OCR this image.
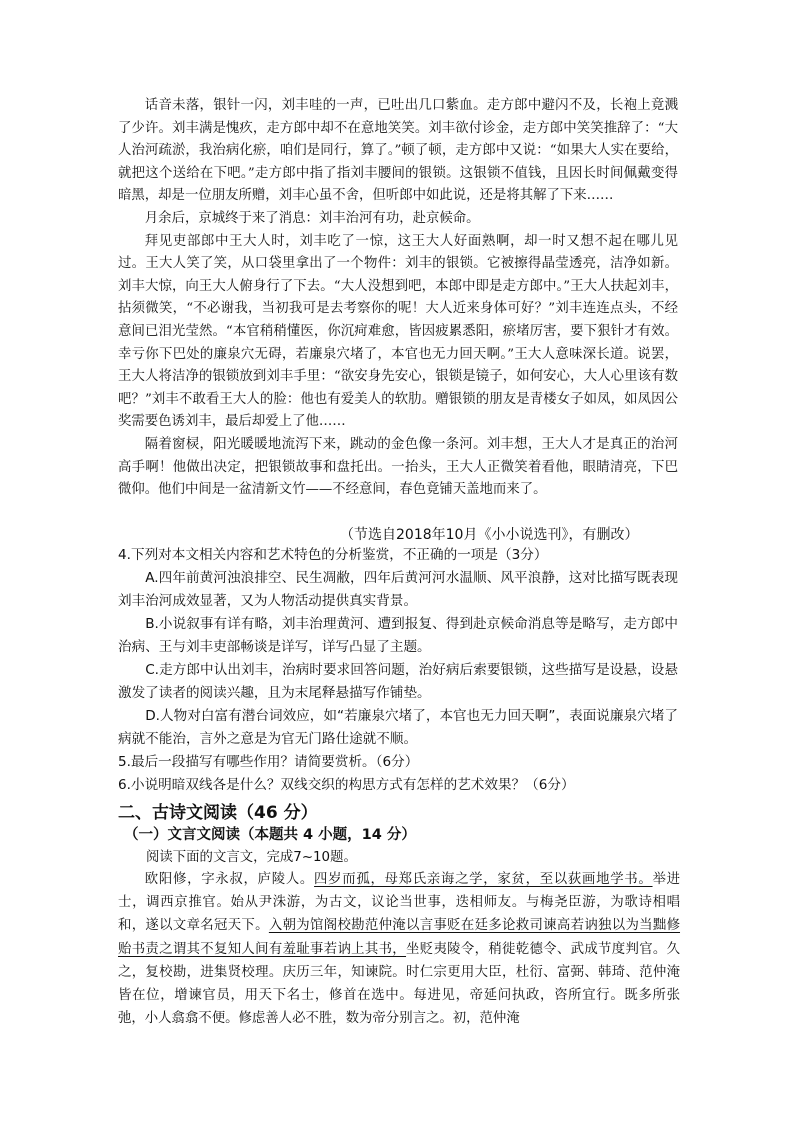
话音未落，银针一闪，刘丰哇的一声，已吐出几口紫血。走方郎中避闪不及，长袍上竟溅了少许。刘丰满是愧疚，走方郎中却不在意地笑笑。刘丰欲付诊金，走方郎中笑笑推辞了：“大人治河疏淤，我治病化瘀，咱们是同行，算了。”顿了顿，走方郎中又说：“如果大人实在要给，就把这个送给在下吧。”走方郎中指了指刘丰腰间的银锁。这银锁不值钱，且因长时间佩戴变得暗黑，却是一位朋友所赠，刘丰心虽不舍，但听郎中如此说，还是将其解了下来……

月余后，京城终于来了消息：刘丰治河有功，赴京候命。

拜见吏部郎中王大人时，刘丰吃了一惊，这王大人好面熟啊，却一时又想不起在哪儿见过。王大人笑了笑，从口袋里拿出了一个物件：刘丰的银锁。它被擦得晶莹透亮，洁净如新。刘丰大惊，向王大人俯身行了下去。“大人没想到吧，本郎中即是走方郎中。”王大人扶起刘丰，拈须微笑，“不必谢我，当初我可是去考察你的呢！大人近来身体可好？”刘丰连连点头，不经意间已泪光莹然。“本官稍稍懂医，你沉疴难愈，皆因疲累悉阳，瘀堵厉害，要下狠针才有效。幸亏你下巴处的廉泉穴无碍，若廉泉穴堵了，本官也无力回天啊。”王大人意味深长道。说罢，王大人将洁净的银锁放到刘丰手里：“欲安身先安心，银锁是镜子，如何安心，大人心里该有数吧？”刘丰不敢看王大人的脸：他也有爱美人的软肋。赠银锁的朋友是青楼女子如凤，如凤因公奖需要色诱刘丰，最后却爱上了他……

隔着窗棂，阳光暖暖地流泻下来，跳动的金色像一条河。刘丰想，王大人才是真正的治河高手啊！他做出决定，把银锁故事和盘托出。一抬头，王大人正微笑着看他，眼睛清亮，下巴微仰。他们中间是一盆清新文竹——不经意间，春色竟铺天盖地而来了。

（节选自2018年10月《小小说选刊》，有删改）

4.下列对本文相关内容和艺术特色的分析鉴赏，不正确的一项是（3分）

A.四年前黄河浊浪排空、民生凋敝，四年后黄河河水温顺、风平浪静，这对比描写既表现刘丰治河成效显著，又为人物活动提供真实背景。

B.小说叙事有详有略，刘丰治理黄河、遭到报复、得到赴京候命消息等是略写，走方郎中治病、王与刘丰吏部畅谈是详写，详写凸显了主题。

C.走方郎中认出刘丰，治病时要求回答问题，治好病后索要银锁，这些描写是设悬，设悬激发了读者的阅读兴趣，且为末尾释悬描写作铺垫。

D.人物对白富有潜台词效应，如“若廉泉穴堵了，本官也无力回天啊”，表面说廉泉穴堵了病就不能治，言外之意是为官无门路仕途就不顺。

5.最后一段描写有哪些作用？请简要赏析。（6分）

6.小说明暗双线各是什么？双线交织的构思方式有怎样的艺术效果？（6分）

二、古诗文阅读（46 分）
（一）文言文阅读（本题共 4 小题，14 分）
阅读下面的文言文，完成7~10题。

欧阳修，字永叔，庐陵人。四岁而孤，母郑氏亲诲之学，家贫，至以荻画地学书。举进士，调西京推官。始从尹洙游，为古文，议论当世事，迭相师友。与梅尧臣游，为歌诗相唱和，遂以文章名冠天下。入朝为馆阁校勘范仲淹以言事贬在廷多论救司谏高若讷独以为当黜修贻书责之谓其不复知人间有羞耻事若讷上其书，坐贬夷陵令，稍徙乾德令、武成节度判官。久之，复校勘，进集贤校理。庆历三年，知谏院。时仁宗更用大臣，杜衍、富弼、韩琦、范仲淹皆在位，增谏官员，用天下名士，修首在选中。每进见，帝延问执政，咨所宜行。既多所张弛，小人翕翕不便。修虑善人必不胜，数为帝分别言之。初，范仲淹
